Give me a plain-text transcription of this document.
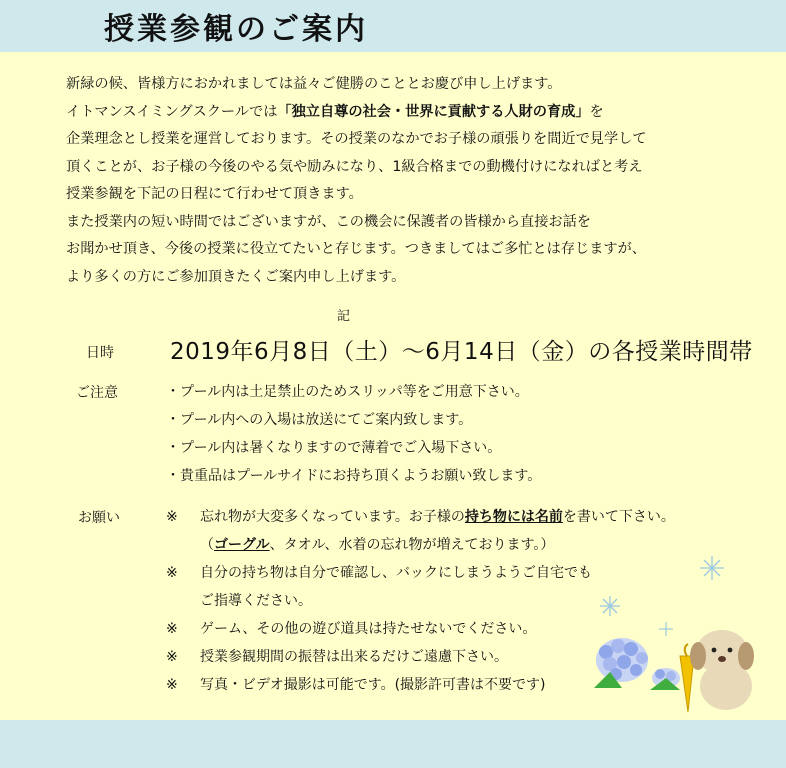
授業参観のご案内

新緑の候、皆様方におかれましては益々ご健勝のこととお慶び申し上げます。

イトマンスイミングスクールでは「独立自尊の社会・世界に貢献する人財の育成」を

企業理念とし授業を運営しております。その授業のなかでお子様の頑張りを間近で見学して

頂くことが、お子様の今後のやる気や励みになり、1級合格までの動機付けになればと考え

授業参観を下記の日程にて行わせて頂きます。

また授業内の短い時間ではございますが、この機会に保護者の皆様から直接お話を

お聞かせ頂き、今後の授業に役立てたいと存じます。つきましてはご多忙とは存じますが、

より多くの方にご参加頂きたくご案内申し上げます。

記
日時 2019年6月8日（土）～6月14日（金）の各授業時間帯
ご注意	・プール内は土足禁止のためスリッパ等をご用意下さい。
・プール内への入場は放送にてご案内致します。
・プール内は暑くなりますので薄着でご入場下さい。
・貴重品はプールサイドにお持ち頂くようお願い致します。
お願い	※	忘れ物が大変多くなっています。お子様の持ち物には名前を書いて下さい。
（ゴーグル、タオル、水着の忘れ物が増えております。）
※	自分の持ち物は自分で確認し、バックにしまうようご自宅でも
ご指導ください。
※	ゲーム、その他の遊び道具は持たせないでください。
※	授業参観期間の振替は出来るだけご遠慮下さい。
※	写真・ビデオ撮影は可能です。(撮影許可書は不要です)
